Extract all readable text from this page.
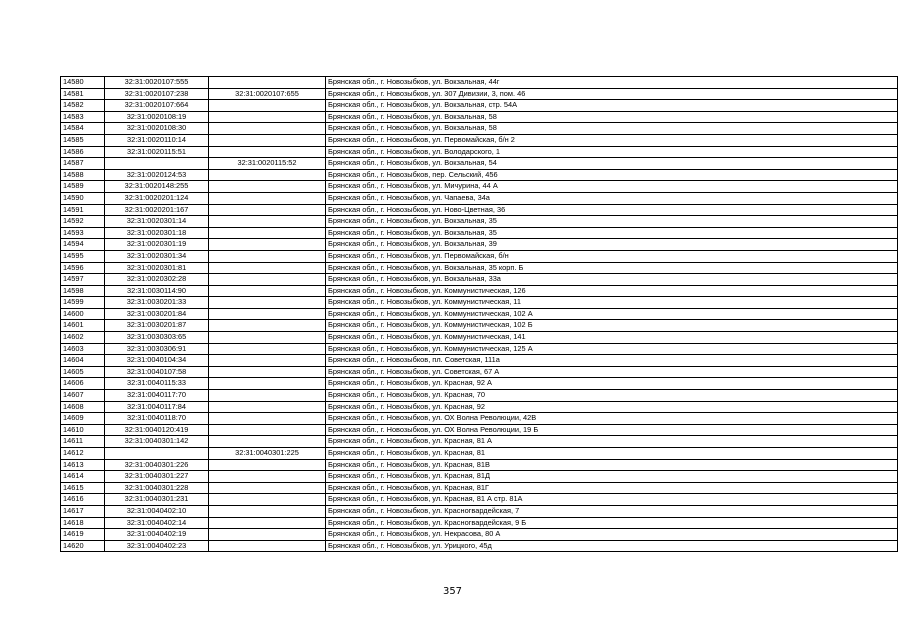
14580	32:31:0020107:555		Брянская обл., г. Новозыбков, ул. Вокзальная, 44г
14581	32:31:0020107:238	32:31:0020107:655	Брянская обл., г. Новозыбков, ул. 307 Дивизии, 3, пом. 46
14582	32:31:0020107:664		Брянская обл., г. Новозыбков, ул. Вокзальная, стр. 54А
14583	32:31:0020108:19		Брянская обл., г. Новозыбков, ул. Вокзальная, 58
14584	32:31:0020108:30		Брянская обл., г. Новозыбков, ул. Вокзальная, 58
14585	32:31:0020110:14		Брянская обл., г. Новозыбков, ул. Первомайская, б/н 2
14586	32:31:0020115:51		Брянская обл., г. Новозыбков, ул. Володарского, 1
14587		32:31:0020115:52	Брянская обл., г. Новозыбков, ул. Вокзальная, 54
14588	32:31:0020124:53		Брянская обл., г. Новозыбков, пер. Сельский, 456
14589	32:31:0020148:255		Брянская обл., г. Новозыбков, ул. Мичурина, 44 А
14590	32:31:0020201:124		Брянская обл., г. Новозыбков, ул. Чапаева, 34а
14591	32:31:0020201:167		Брянская обл., г. Новозыбков, ул. Ново-Цветная, 36
14592	32:31:0020301:14		Брянская обл., г. Новозыбков, ул. Вокзальная, 35
14593	32:31:0020301:18		Брянская обл., г. Новозыбков, ул. Вокзальная, 35
14594	32:31:0020301:19		Брянская обл., г. Новозыбков, ул. Вокзальная, 39
14595	32:31:0020301:34		Брянская обл., г. Новозыбков, ул. Первомайская, б/н
14596	32:31:0020301:81		Брянская обл., г. Новозыбков, ул. Вокзальная, 35 корп. Б
14597	32:31:0020302:28		Брянская обл., г. Новозыбков, ул. Вокзальная, 33а
14598	32:31:0030114:90		Брянская обл., г. Новозыбков, ул. Коммунистическая, 126
14599	32:31:0030201:33		Брянская обл., г. Новозыбков, ул. Коммунистическая, 11
14600	32:31:0030201:84		Брянская обл., г. Новозыбков, ул. Коммунистическая, 102 А
14601	32:31:0030201:87		Брянская обл., г. Новозыбков, ул. Коммунистическая, 102 Б
14602	32:31:0030303:65		Брянская обл., г. Новозыбков, ул. Коммунистическая, 141
14603	32:31:0030306:91		Брянская обл., г. Новозыбков, ул. Коммунистическая, 125 А
14604	32:31:0040104:34		Брянская обл., г. Новозыбков, пл. Советская, 111а
14605	32:31:0040107:58		Брянская обл., г. Новозыбков, ул. Советская, 67 А
14606	32:31:0040115:33		Брянская обл., г. Новозыбков, ул. Красная, 92 А
14607	32:31:0040117:70		Брянская обл., г. Новозыбков, ул. Красная, 70
14608	32:31:0040117:84		Брянская обл., г. Новозыбков, ул. Красная, 92
14609	32:31:0040118:70		Брянская обл., г. Новозыбков, ул. ОХ Волна Революции, 42В
14610	32:31:0040120:419		Брянская обл., г. Новозыбков, ул. ОХ Волна Революции, 19 Б
14611	32:31:0040301:142		Брянская обл., г. Новозыбков, ул. Красная, 81 А
14612		32:31:0040301:225	Брянская обл., г. Новозыбков, ул. Красная, 81
14613	32:31:0040301:226		Брянская обл., г. Новозыбков, ул. Красная, 81В
14614	32:31:0040301:227		Брянская обл., г. Новозыбков, ул. Красная, 81Д
14615	32:31:0040301:228		Брянская обл., г. Новозыбков, ул. Красная, 81Г
14616	32:31:0040301:231		Брянская обл., г. Новозыбков, ул. Красная, 81 А стр. 81А
14617	32:31:0040402:10		Брянская обл., г. Новозыбков, ул. Красногвардейская, 7
14618	32:31:0040402:14		Брянская обл., г. Новозыбков, ул. Красногвардейская, 9 Б
14619	32:31:0040402:19		Брянская обл., г. Новозыбков, ул. Некрасова, 80 А
14620	32:31:0040402:23		Брянская обл., г. Новозыбков, ул. Урицкого, 45д
357
